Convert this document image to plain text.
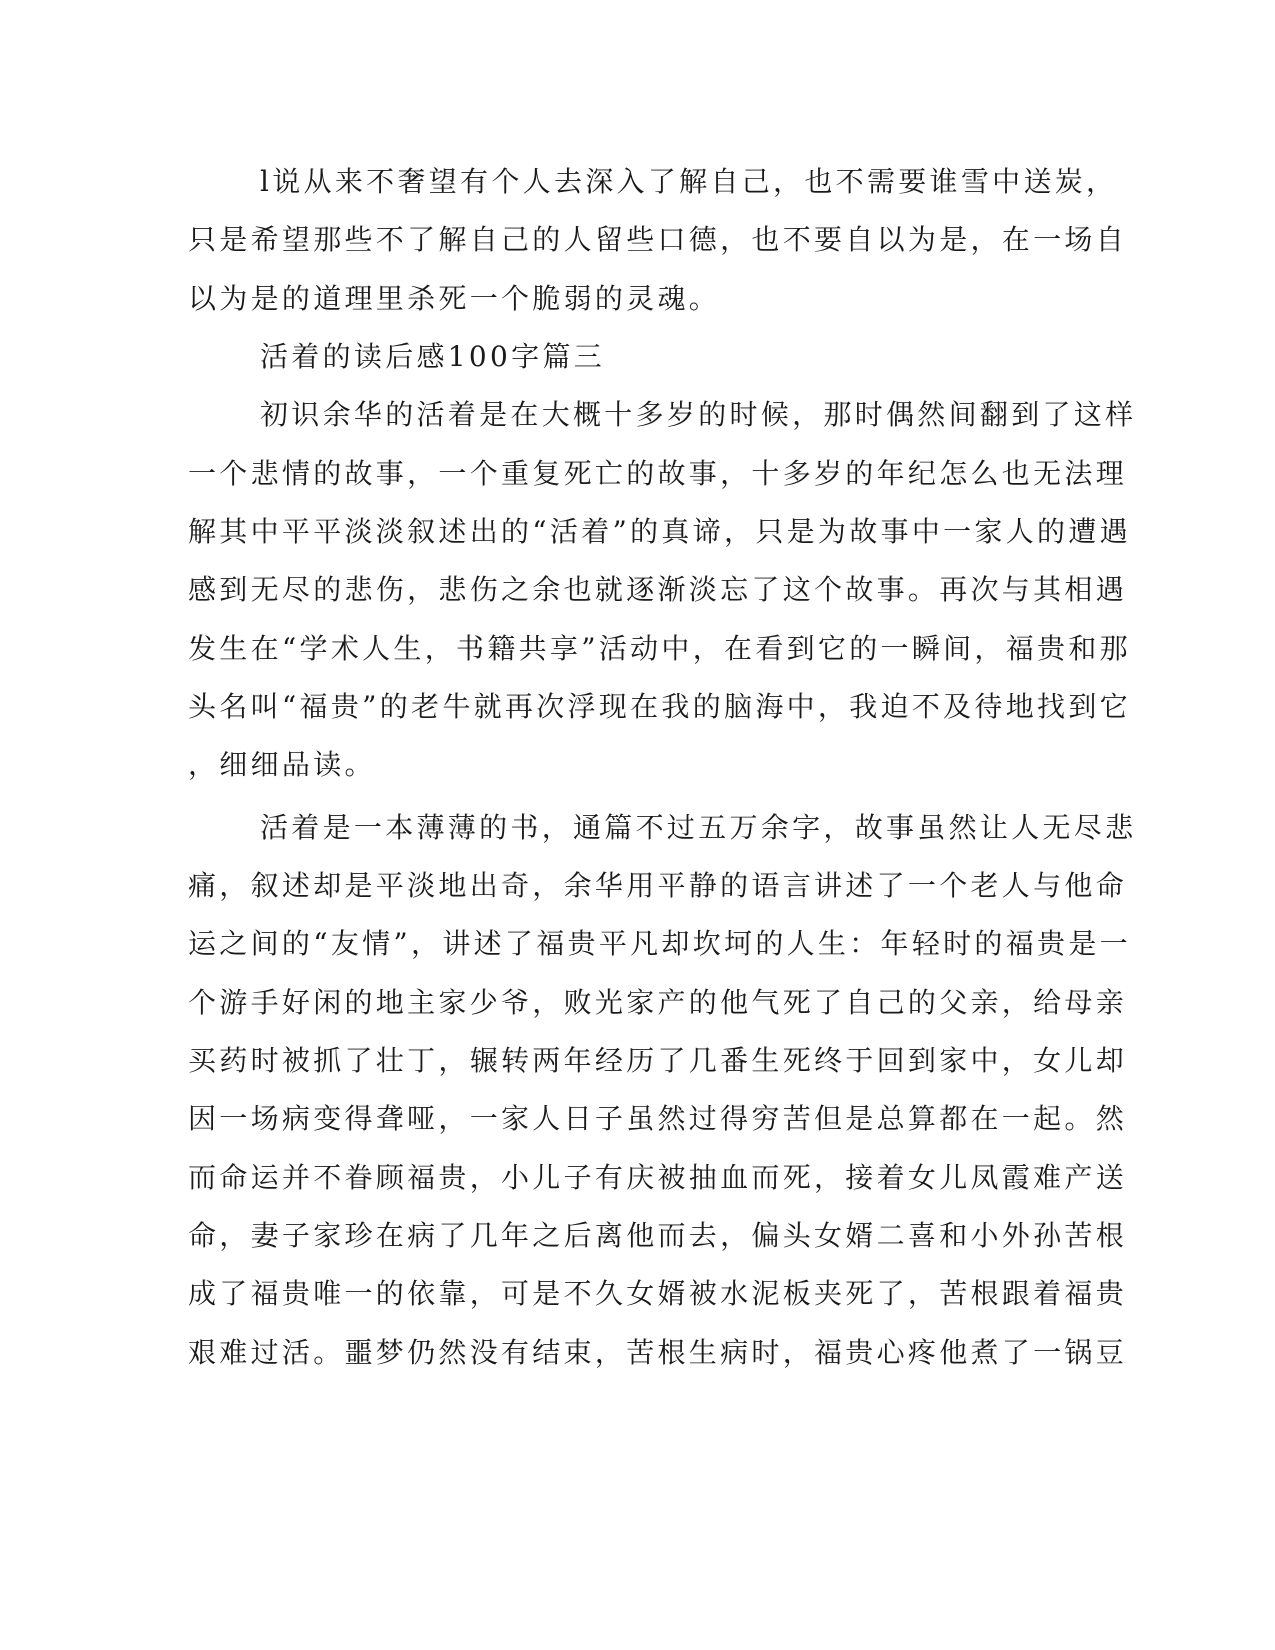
l说从来不奢望有个人去深入了解自己，也不需要谁雪中送炭，
只是希望那些不了解自己的人留些口德，也不要自以为是，在一场自
以为是的道理里杀死一个脆弱的灵魂。
活着的读后感100字篇三
初识余华的活着是在大概十多岁的时候，那时偶然间翻到了这样
一个悲情的故事，一个重复死亡的故事，十多岁的年纪怎么也无法理
解其中平平淡淡叙述出的“活着”的真谛，只是为故事中一家人的遭遇
感到无尽的悲伤，悲伤之余也就逐渐淡忘了这个故事。再次与其相遇
发生在“学术人生，书籍共享”活动中，在看到它的一瞬间，福贵和那
头名叫“福贵”的老牛就再次浮现在我的脑海中，我迫不及待地找到它
，细细品读。
活着是一本薄薄的书，通篇不过五万余字，故事虽然让人无尽悲
痛，叙述却是平淡地出奇，余华用平静的语言讲述了一个老人与他命
运之间的“友情”，讲述了福贵平凡却坎坷的人生：年轻时的福贵是一
个游手好闲的地主家少爷，败光家产的他气死了自己的父亲，给母亲
买药时被抓了壮丁，辗转两年经历了几番生死终于回到家中，女儿却
因一场病变得聋哑，一家人日子虽然过得穷苦但是总算都在一起。然
而命运并不眷顾福贵，小儿子有庆被抽血而死，接着女儿凤霞难产送
命，妻子家珍在病了几年之后离他而去，偏头女婿二喜和小外孙苦根
成了福贵唯一的依靠，可是不久女婿被水泥板夹死了，苦根跟着福贵
艰难过活。噩梦仍然没有结束，苦根生病时，福贵心疼他煮了一锅豆
